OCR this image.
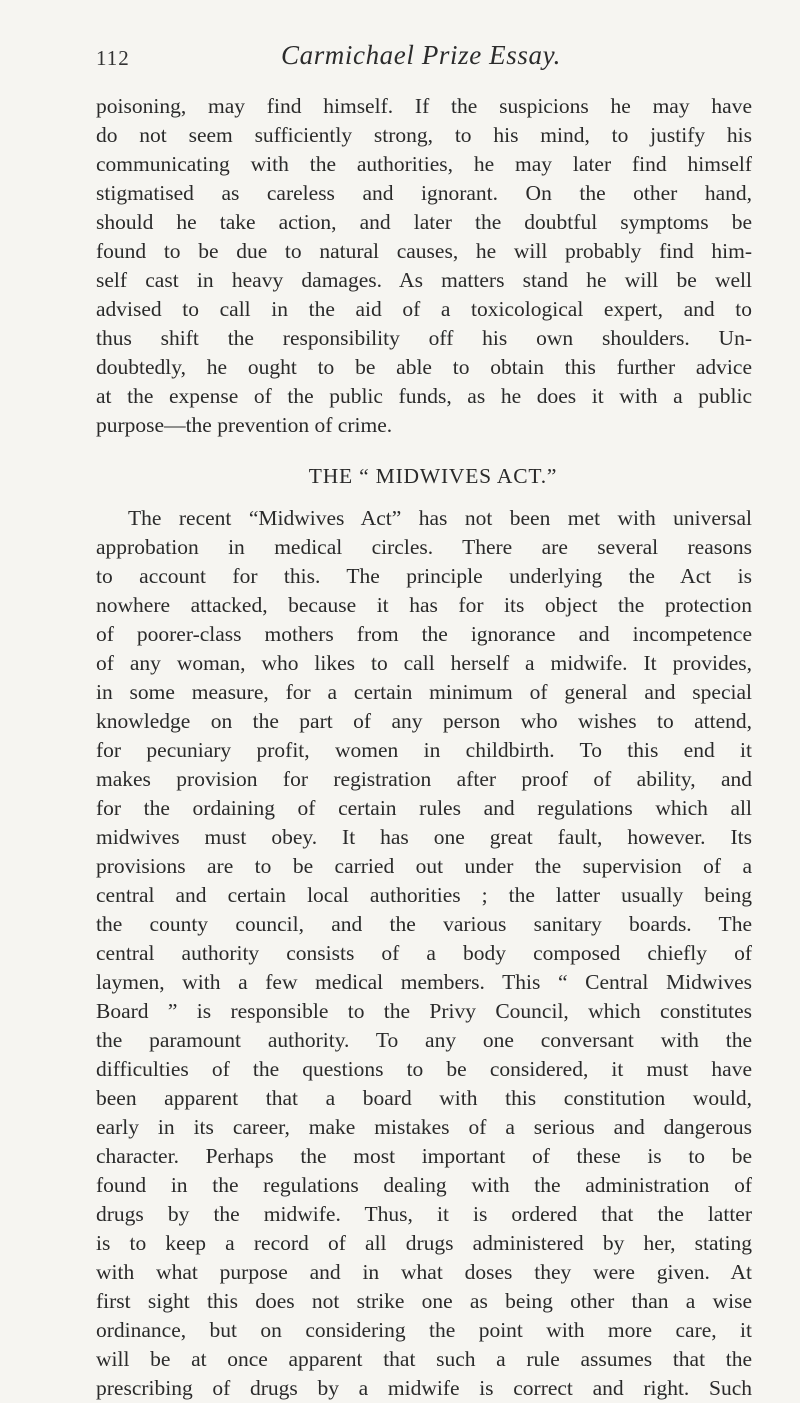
112	Carmichael Prize Essay.
poisoning, may find himself. If the suspicions he may have
do not seem sufficiently strong, to his mind, to justify his
communicating with the authorities, he may later find himself
stigmatised as careless and ignorant. On the other hand,
should he take action, and later the doubtful symptoms be
found to be due to natural causes, he will probably find him-
self cast in heavy damages. As matters stand he will be well
advised to call in the aid of a toxicological expert, and to
thus shift the responsibility off his own shoulders. Un-
doubtedly, he ought to be able to obtain this further advice
at the expense of the public funds, as he does it with a public
purpose—the prevention of crime.
THE “ MIDWIVES ACT.”
The recent “Midwives Act” has not been met with universal
approbation in medical circles. There are several reasons
to account for this. The principle underlying the Act is
nowhere attacked, because it has for its object the protection
of poorer-class mothers from the ignorance and incompetence
of any woman, who likes to call herself a midwife. It provides,
in some measure, for a certain minimum of general and special
knowledge on the part of any person who wishes to attend,
for pecuniary profit, women in childbirth. To this end it
makes provision for registration after proof of ability, and
for the ordaining of certain rules and regulations which all
midwives must obey. It has one great fault, however. Its
provisions are to be carried out under the supervision of a
central and certain local authorities ; the latter usually being
the county council, and the various sanitary boards. The
central authority consists of a body composed chiefly of
laymen, with a few medical members. This “ Central Midwives
Board ” is responsible to the Privy Council, which constitutes
the paramount authority. To any one conversant with the
difficulties of the questions to be considered, it must have
been apparent that a board with this constitution would,
early in its career, make mistakes of a serious and dangerous
character. Perhaps the most important of these is to be
found in the regulations dealing with the administration of
drugs by the midwife. Thus, it is ordered that the latter
is to keep a record of all drugs administered by her, stating
with what purpose and in what doses they were given. At
first sight this does not strike one as being other than a wise
ordinance, but on considering the point with more care, it
will be at once apparent that such a rule assumes that the
prescribing of drugs by a midwife is correct and right. Such
